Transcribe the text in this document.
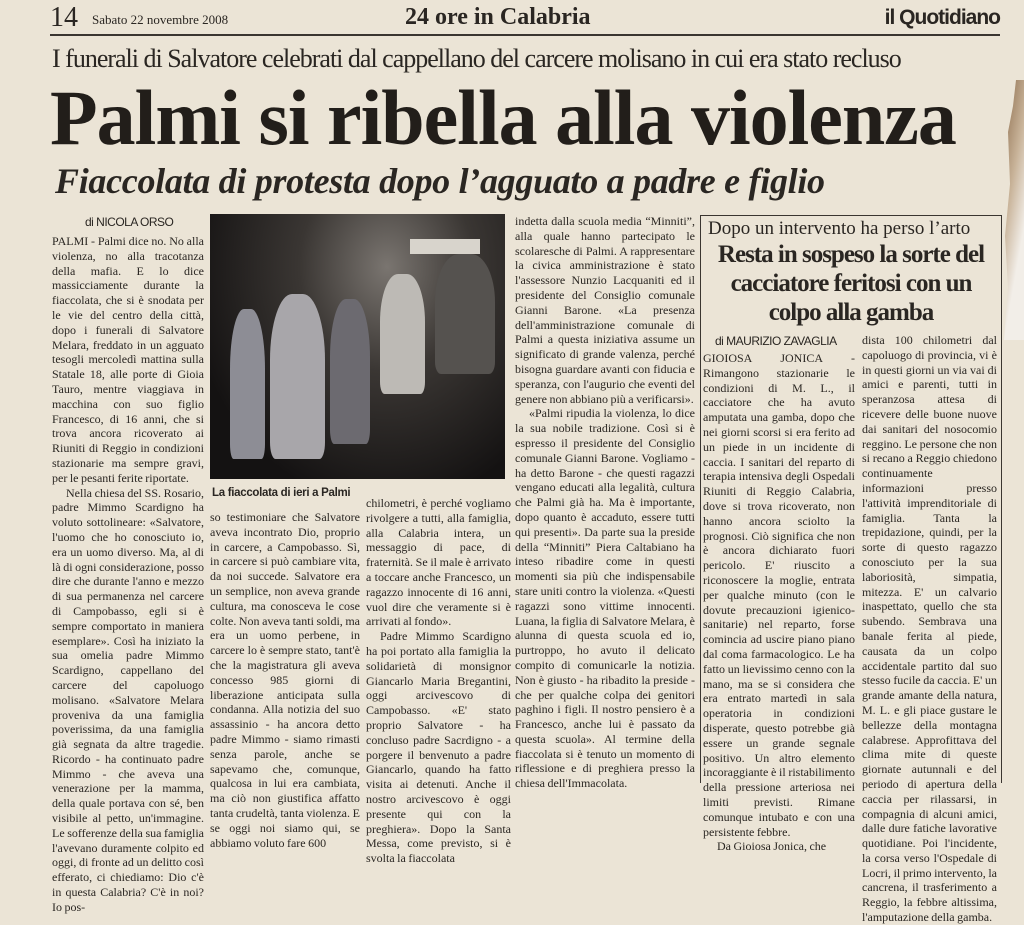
14 Sabato 22 novembre 2008	24 ore in Calabria	il Quotidiano
I funerali di Salvatore celebrati dal cappellano del carcere molisano in cui era stato recluso
Palmi si ribella alla violenza
Fiaccolata di protesta dopo l’agguato a padre e figlio
di NICOLA ORSO

PALMI - Palmi dice no. No alla violenza, no alla tracotanza della mafia. E lo dice massicciamente durante la fiaccolata, che si è snodata per le vie del centro della città, dopo i funerali di Salvatore Melara, freddato in un agguato tesogli mercoledì mattina sulla Statale 18, alle porte di Gioia Tauro, mentre viaggiava in macchina con suo figlio Francesco, di 16 anni, che si trova ancora ricoverato ai Riuniti di Reggio in condizioni stazionarie ma sempre gravi, per le pesanti ferite riportate.

Nella chiesa del SS. Rosario, padre Mimmo Scardigno ha voluto sottolineare: «Salvatore, l'uomo che ho conosciuto io, era un uomo diverso. Ma, al di là di ogni considerazione, posso dire che durante l'anno e mezzo di sua permanenza nel carcere di Campobasso, egli si è sempre comportato in maniera esemplare». Così ha iniziato la sua omelia padre Mimmo Scardigno, cappellano del carcere del capoluogo molisano. «Salvatore Melara proveniva da una famiglia poverissima, da una famiglia già segnata da altre tragedie. Ricordo - ha continuato padre Mimmo - che aveva una venerazione per la mamma, della quale portava con sé, ben visibile al petto, un'immagine. Le sofferenze della sua famiglia l'avevano duramente colpito ed oggi, di fronte ad un delitto così efferato, ci chiediamo: Dio c'è in questa Calabria? C'è in noi? Io pos-

La fiaccolata di ieri a Palmi

so testimoniare che Salvatore aveva incontrato Dio, proprio in carcere, a Campobasso. Sì, in carcere si può cambiare vita, da noi succede. Salvatore era un semplice, non aveva grande cultura, ma conosceva le cose colte. Non aveva tanti soldi, ma era un uomo perbene, in carcere lo è sempre stato, tant'è che la magistratura gli aveva concesso 985 giorni di liberazione anticipata sulla condanna. Alla notizia del suo assassinio - ha ancora detto padre Mimmo - siamo rimasti senza parole, anche se sapevamo che, comunque, qualcosa in lui era cambiata, ma ciò non giustifica affatto tanta crudeltà, tanta violenza. E se oggi noi siamo qui, se abbiamo voluto fare 600

chilometri, è perché vogliamo rivolgere a tutti, alla famiglia, alla Calabria intera, un messaggio di pace, di fraternità. Se il male è arrivato a toccare anche Francesco, un ragazzo innocente di 16 anni, vuol dire che veramente si è arrivati al fondo».

Padre Mimmo Scardigno ha poi portato alla famiglia la solidarietà di monsignor Giancarlo Maria Bregantini, oggi arcivescovo di Campobasso. «E' stato proprio Salvatore - ha concluso padre Sacrdigno - a porgere il benvenuto a padre Giancarlo, quando ha fatto visita ai detenuti. Anche il nostro arcivescovo è oggi presente qui con la preghiera». Dopo la Santa Messa, come previsto, si è svolta la fiaccolata

indetta dalla scuola media “Minniti”, alla quale hanno partecipato le scolaresche di Palmi. A rappresentare la civica amministrazione è stato l'assessore Nunzio Lacquaniti ed il presidente del Consiglio comunale Gianni Barone. «La presenza dell'amministrazione comunale di Palmi a questa iniziativa assume un significato di grande valenza, perché bisogna guardare avanti con fiducia e speranza, con l'augurio che eventi del genere non abbiano più a verificarsi».

«Palmi ripudia la violenza, lo dice la sua nobile tradizione. Così si è espresso il presidente del Consiglio comunale Gianni Barone. Vogliamo - ha detto Barone - che questi ragazzi vengano educati alla legalità, cultura che Palmi già ha. Ma è importante, dopo quanto è accaduto, essere tutti qui presenti». Da parte sua la preside della “Minniti” Piera Caltabiano ha inteso ribadire come in questi momenti sia più che indispensabile stare uniti contro la violenza. «Questi ragazzi sono vittime innocenti. Luana, la figlia di Salvatore Melara, è alunna di questa scuola ed io, purtroppo, ho avuto il delicato compito di comunicarle la notizia. Non è giusto - ha ribadito la preside - che per qualche colpa dei genitori paghino i figli. Il nostro pensiero è a Francesco, anche lui è passato da questa scuola». Al termine della fiaccolata si è tenuto un momento di riflessione e di preghiera presso la chiesa dell'Immacolata.

Dopo un intervento ha perso l’arto
Resta in sospeso la sorte del cacciatore feritosi con un colpo alla gamba
di MAURIZIO ZAVAGLIA

GIOIOSA JONICA - Rimangono stazionarie le condizioni di M. L., il cacciatore che ha avuto amputata una gamba, dopo che nei giorni scorsi si era ferito ad un piede in un incidente di caccia. I sanitari del reparto di terapia intensiva degli Ospedali Riuniti di Reggio Calabria, dove si trova ricoverato, non hanno ancora sciolto la prognosi. Ciò significa che non è ancora dichiarato fuori pericolo. E' riuscito a riconoscere la moglie, entrata per qualche minuto (con le dovute precauzioni igienico-sanitarie) nel reparto, forse comincia ad uscire piano piano dal coma farmacologico. Le ha fatto un lievissimo cenno con la mano, ma se si considera che era entrato martedì in sala operatoria in condizioni disperate, questo potrebbe già essere un grande segnale positivo. Un altro elemento incoraggiante è il ristabilimento della pressione arteriosa nei limiti previsti. Rimane comunque intubato e con una persistente febbre.

Da Gioiosa Jonica, che

dista 100 chilometri dal capoluogo di provincia, vi è in questi giorni un via vai di amici e parenti, tutti in speranzosa attesa di ricevere delle buone nuove dai sanitari del nosocomio reggino. Le persone che non si recano a Reggio chiedono continuamente informazioni presso l'attività imprenditoriale di famiglia. Tanta la trepidazione, quindi, per la sorte di questo ragazzo conosciuto per la sua laboriosità, simpatia, mitezza. E' un calvario inaspettato, quello che sta subendo. Sembrava una banale ferita al piede, causata da un colpo accidentale partito dal suo stesso fucile da caccia. E' un grande amante della natura, M. L. e gli piace gustare le bellezze della montagna calabrese. Approfittava del clima mite di queste giornate autunnali e del periodo di apertura della caccia per rilassarsi, in compagnia di alcuni amici, dalle dure fatiche lavorative quotidiane. Poi l'incidente, la corsa verso l'Ospedale di Locri, il primo intervento, la cancrena, il trasferimento a Reggio, la febbre altissima, l'amputazione della gamba.
